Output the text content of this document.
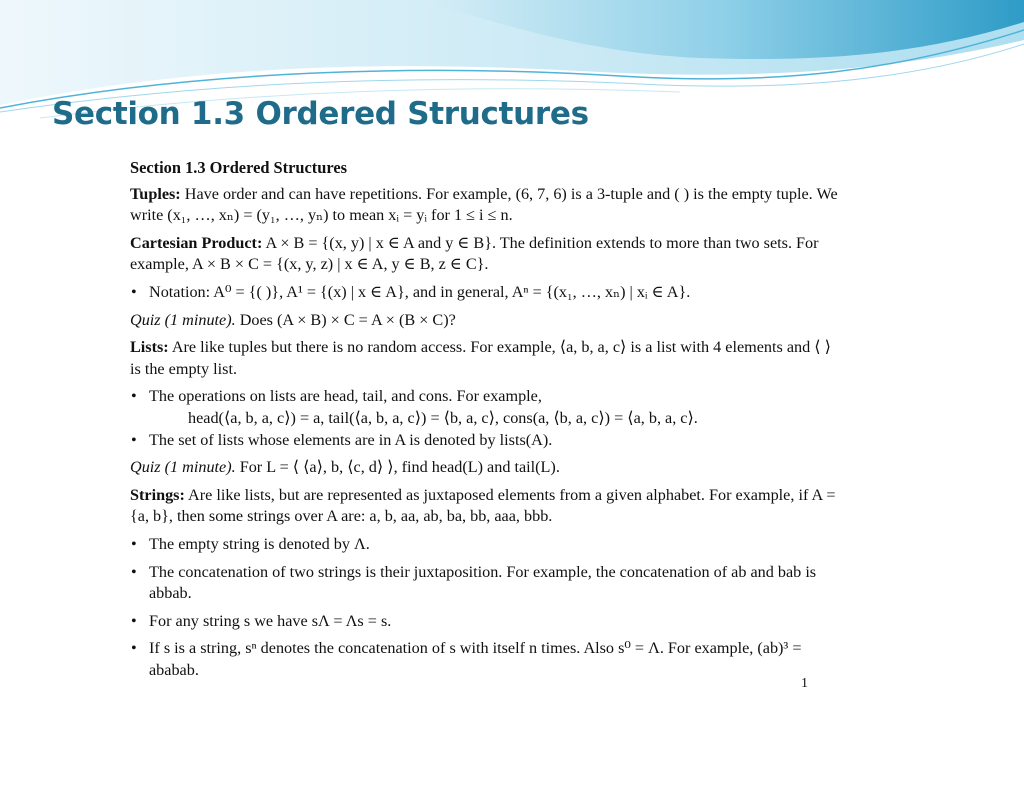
Section 1.3 Ordered Structures

Section 1.3 Ordered Structures

Tuples: Have order and can have repetitions. For example, (6, 7, 6) is a 3-tuple and ( ) is the empty tuple. We write (x₁, …, xₙ) = (y₁, …, yₙ) to mean xᵢ = yᵢ for 1 ≤ i ≤ n.

Cartesian Product: A × B = {(x, y) | x ∈ A and y ∈ B}. The definition extends to more than two sets. For example, A × B × C = {(x, y, z) | x ∈ A, y ∈ B, z ∈ C}.

• Notation: A⁰ = {( )}, A¹ = {(x) | x ∈ A}, and in general, Aⁿ = {(x₁, …, xₙ) | xᵢ ∈ A}.

Quiz (1 minute). Does (A × B) × C = A × (B × C)?

Lists: Are like tuples but there is no random access. For example, ⟨a, b, a, c⟩ is a list with 4 elements and ⟨ ⟩ is the empty list.

• The operations on lists are head, tail, and cons. For example,

head(⟨a, b, a, c⟩) = a, tail(⟨a, b, a, c⟩) = ⟨b, a, c⟩, cons(a, ⟨b, a, c⟩) = ⟨a, b, a, c⟩.

• The set of lists whose elements are in A is denoted by lists(A).

Quiz (1 minute). For L = ⟨ ⟨a⟩, b, ⟨c, d⟩ ⟩, find head(L) and tail(L).

Strings: Are like lists, but are represented as juxtaposed elements from a given alphabet. For example, if A = {a, b}, then some strings over A are: a, b, aa, ab, ba, bb, aaa, bbb.

• The empty string is denoted by Λ.

• The concatenation of two strings is their juxtaposition. For example, the concatenation of ab and bab is abbab.

• For any string s we have sΛ = Λs = s.

• If s is a string, sⁿ denotes the concatenation of s with itself n times. Also s⁰ = Λ. For example, (ab)³ = ababab.

1
